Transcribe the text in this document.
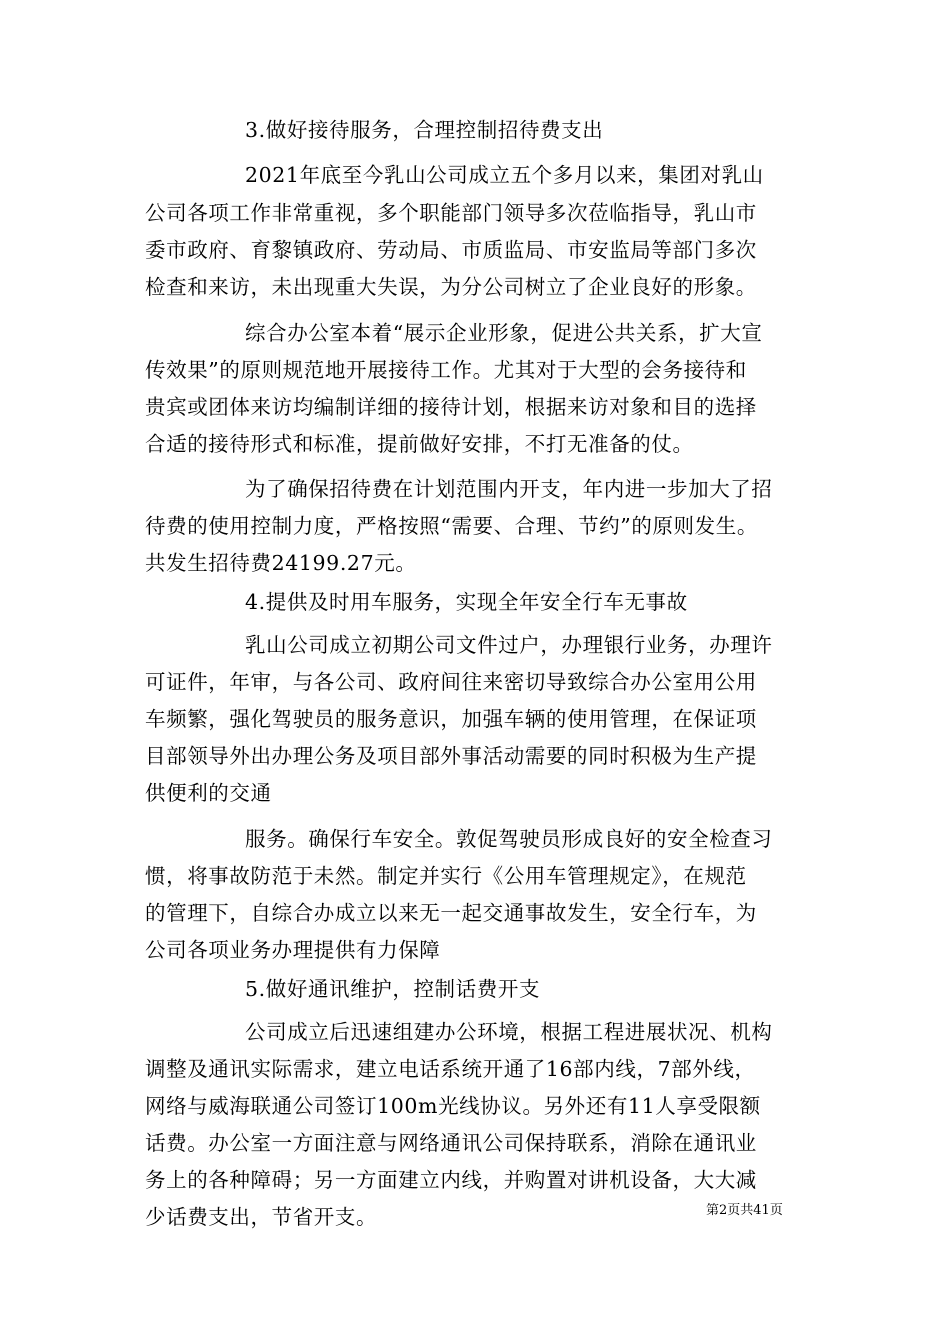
3.做好接待服务，合理控制招待费支出
2021年底至今乳山公司成立五个多月以来，集团对乳山
公司各项工作非常重视，多个职能部门领导多次莅临指导，乳山市
委市政府、育黎镇政府、劳动局、市质监局、市安监局等部门多次
检查和来访，未出现重大失误，为分公司树立了企业良好的形象。
综合办公室本着“展示企业形象，促进公共关系，扩大宣
传效果”的原则规范地开展接待工作。尤其对于大型的会务接待和
贵宾或团体来访均编制详细的接待计划，根据来访对象和目的选择
合适的接待形式和标准，提前做好安排，不打无准备的仗。
为了确保招待费在计划范围内开支，年内进一步加大了招
待费的使用控制力度，严格按照“需要、合理、节约”的原则发生。
共发生招待费24199.27元。
4.提供及时用车服务，实现全年安全行车无事故
乳山公司成立初期公司文件过户，办理银行业务，办理许
可证件，年审，与各公司、政府间往来密切导致综合办公室用公用
车频繁，强化驾驶员的服务意识，加强车辆的使用管理，在保证项
目部领导外出办理公务及项目部外事活动需要的同时积极为生产提
供便利的交通
服务。确保行车安全。敦促驾驶员形成良好的安全检查习
惯，将事故防范于未然。制定并实行《公用车管理规定》，在规范
的管理下，自综合办成立以来无一起交通事故发生，安全行车，为
公司各项业务办理提供有力保障
5.做好通讯维护，控制话费开支
公司成立后迅速组建办公环境，根据工程进展状况、机构
调整及通讯实际需求，建立电话系统开通了16部内线，7部外线，
网络与威海联通公司签订100m光线协议。另外还有11人享受限额
话费。办公室一方面注意与网络通讯公司保持联系，消除在通讯业
务上的各种障碍；另一方面建立内线，并购置对讲机设备，大大减
少话费支出，节省开支。	第2页共41页
